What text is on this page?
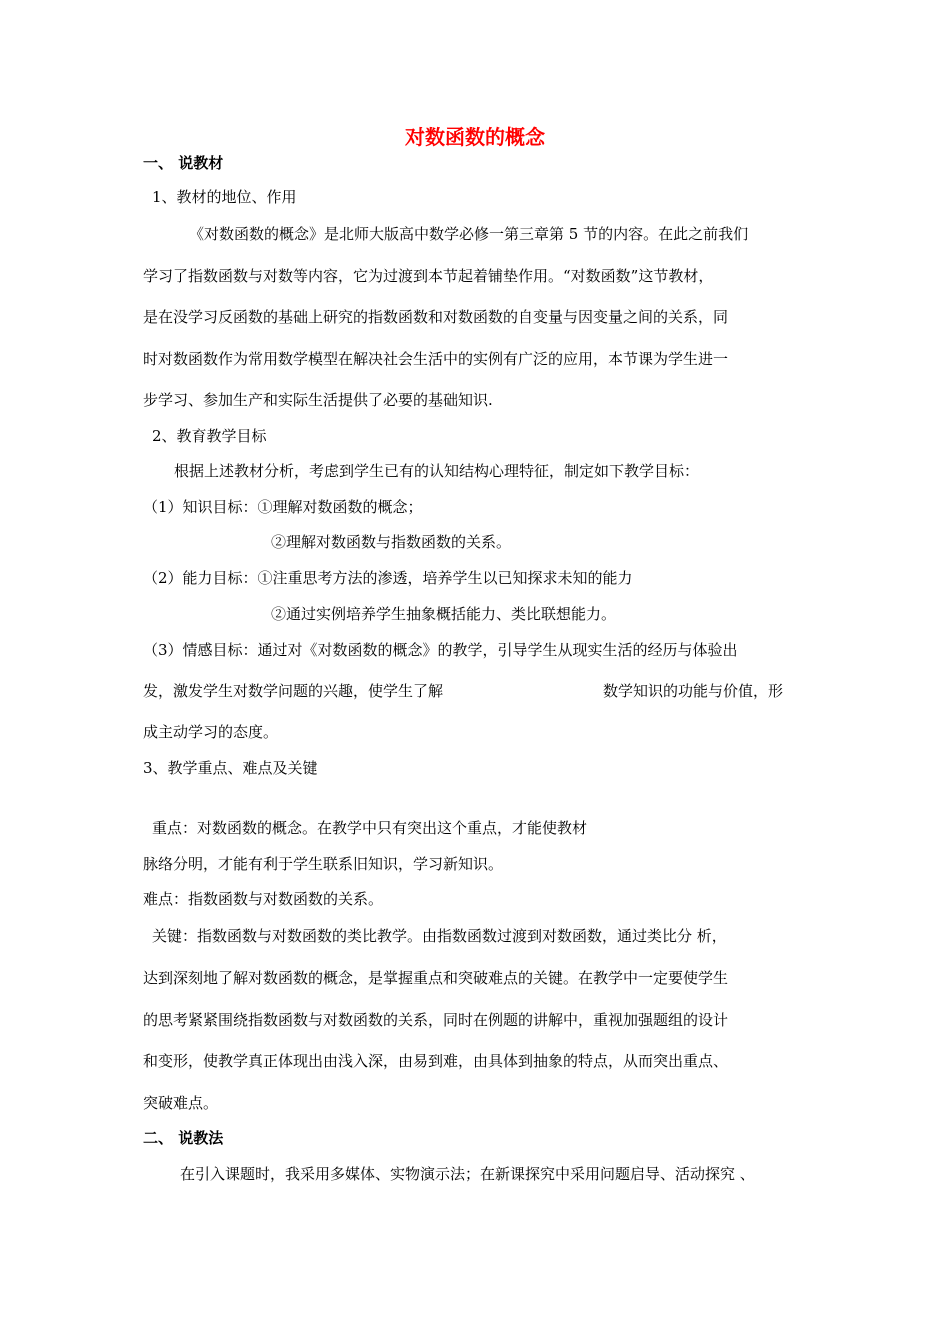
对数函数的概念
一、 说教材
1、教材的地位、作用
《对数函数的概念》是北师大版高中数学必修一第三章第 5 节的内容。在此之前我们
学习了指数函数与对数等内容，它为过渡到本节起着铺垫作用。“对数函数”这节教材，
是在没学习反函数的基础上研究的指数函数和对数函数的自变量与因变量之间的关系，同
时对数函数作为常用数学模型在解决社会生活中的实例有广泛的应用，本节课为学生进一
步学习、参加生产和实际生活提供了必要的基础知识.
2、教育教学目标
根据上述教材分析，考虑到学生已有的认知结构心理特征，制定如下教学目标：
（1）知识目标：①理解对数函数的概念；
②理解对数函数与指数函数的关系。
（2）能力目标：①注重思考方法的渗透，培养学生以已知探求未知的能力
②通过实例培养学生抽象概括能力、类比联想能力。
（3）情感目标：通过对《对数函数的概念》的教学，引导学生从现实生活的经历与体验出
发，激发学生对数学问题的兴趣，使学生了解	数学知识的功能与价值，形
成主动学习的态度。
3、教学重点、难点及关键
重点：对数函数的概念。在教学中只有突出这个重点，才能使教材
脉络分明，才能有利于学生联系旧知识，学习新知识。
难点：指数函数与对数函数的关系。
关键：指数函数与对数函数的类比教学。由指数函数过渡到对数函数，通过类比分 析，
达到深刻地了解对数函数的概念，是掌握重点和突破难点的关键。在教学中一定要使学生
的思考紧紧围绕指数函数与对数函数的关系，同时在例题的讲解中，重视加强题组的设计
和变形，使教学真正体现出由浅入深，由易到难，由具体到抽象的特点，从而突出重点、
突破难点。
二、 说教法
在引入课题时，我采用多媒体、实物演示法；在新课探究中采用问题启导、活动探究 、
